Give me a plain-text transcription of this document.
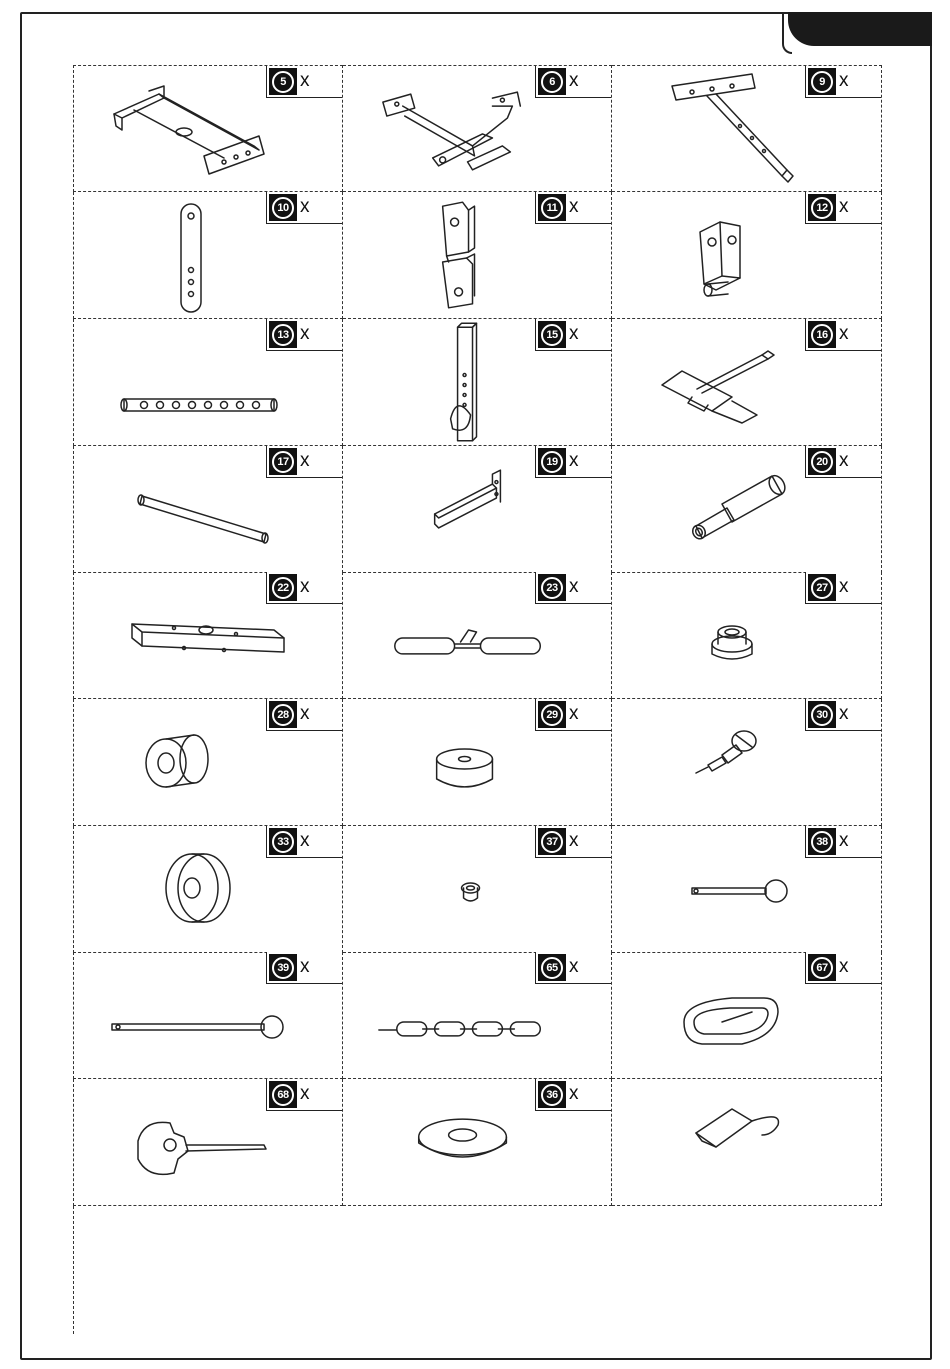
5 x	6 x	9 x
10 x	11 x	12 x
13 x	15 x	16 x
17 x	19 x	20 x
22 x	23 x	27 x
28 x	29 x	30 x
33 x	37 x	38 x
39 x	65 x	67 x
68 x	36 x
